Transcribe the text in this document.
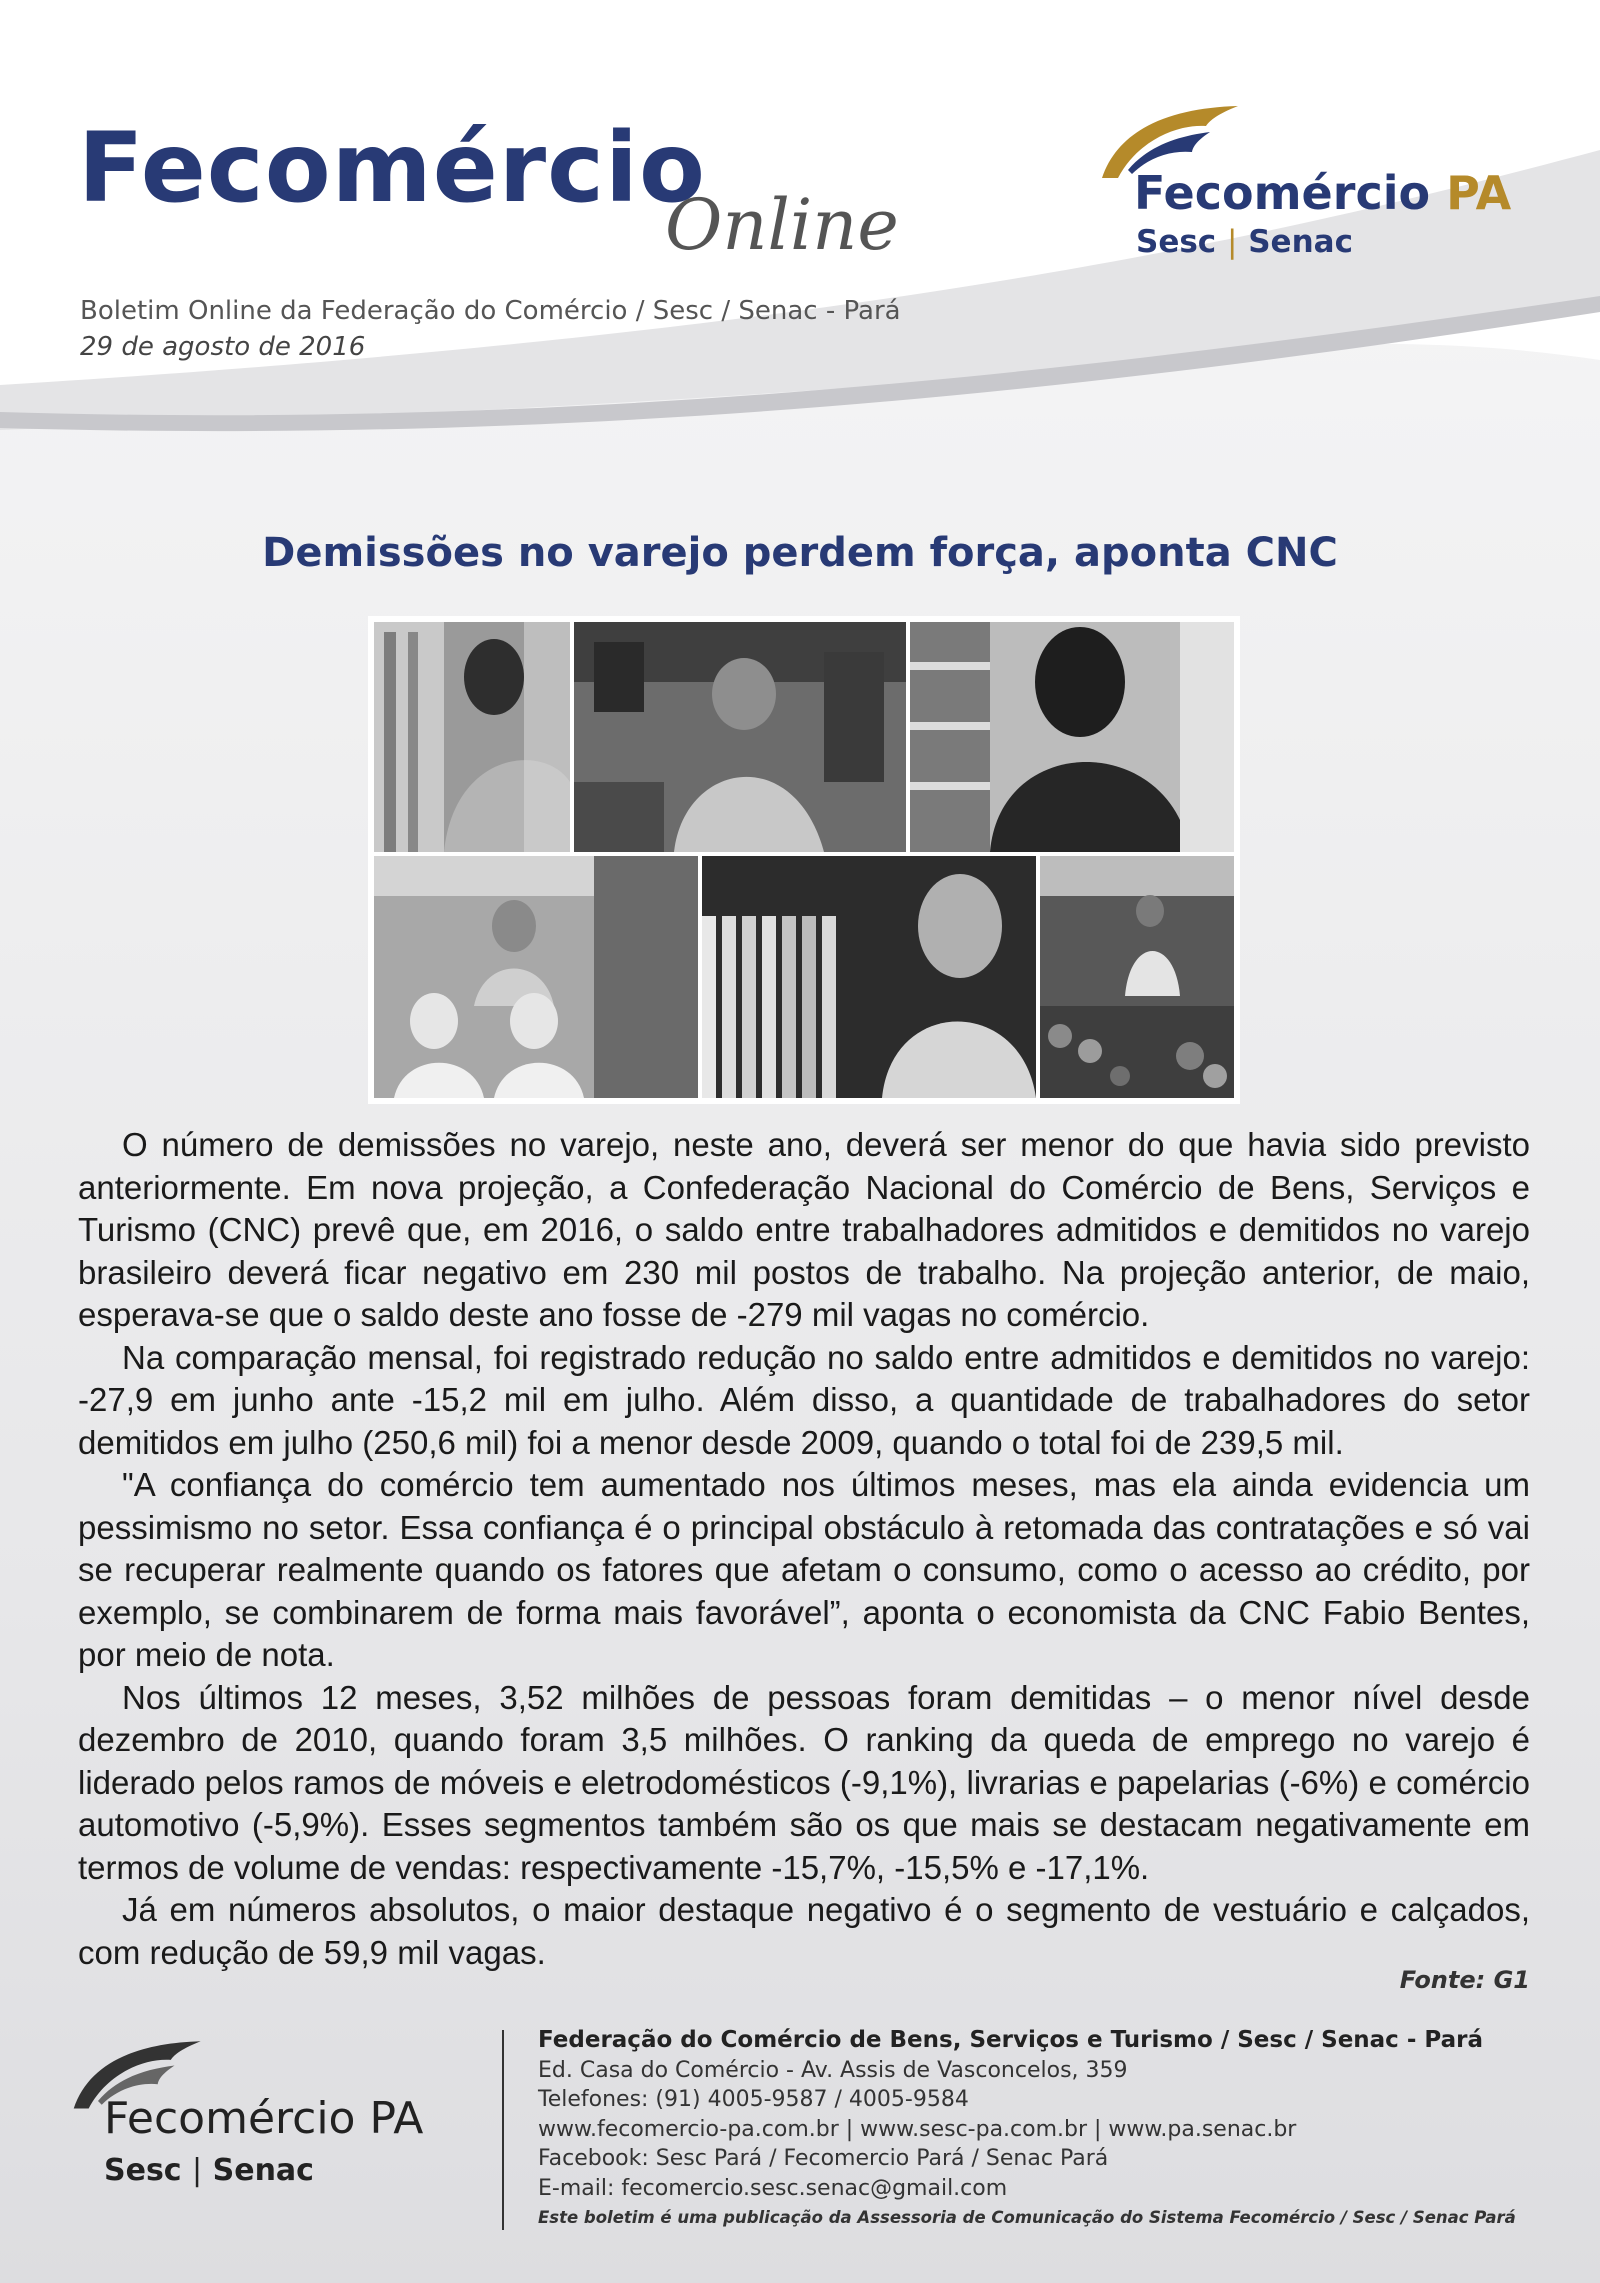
Fecomércio
Online
Boletim Online da Federação do Comércio / Sesc / Senac - Pará
29 de agosto de 2016
Fecomércio PA
Sesc | Senac
Demissões no varejo perdem força, aponta CNC

O número de demissões no varejo, neste ano, deverá ser menor do que havia sido previsto anteriormente. Em nova projeção, a Confederação Nacional do Comércio de Bens, Serviços e Turismo (CNC) prevê que, em 2016, o saldo entre trabalhadores admitidos e demitidos no varejo brasileiro deverá ficar negativo em 230 mil postos de trabalho. Na projeção anterior, de maio, esperava-se que o saldo deste ano fosse de -279 mil vagas no comércio.

Na comparação mensal, foi registrado redução no saldo entre admitidos e demitidos no varejo: -27,9 em junho ante -15,2 mil em julho. Além disso, a quantidade de trabalhadores do setor demitidos em julho (250,6 mil) foi a menor desde 2009, quando o total foi de 239,5 mil.

"A confiança do comércio tem aumentado nos últimos meses, mas ela ainda evidencia um pessimismo no setor. Essa confiança é o principal obstáculo à retomada das contratações e só vai se recuperar realmente quando os fatores que afetam o consumo, como o acesso ao crédito, por exemplo, se combinarem de forma mais favorável”, aponta o economista da CNC Fabio Bentes, por meio de nota.

Nos últimos 12 meses, 3,52 milhões de pessoas foram demitidas – o menor nível desde dezembro de 2010, quando foram 3,5 milhões. O ranking da queda de emprego no varejo é liderado pelos ramos de móveis e eletrodomésticos (-9,1%), livrarias e papelarias (-6%) e comércio automotivo (-5,9%). Esses segmentos também são os que mais se destacam negativamente em termos de volume de vendas: respectivamente -15,7%, -15,5% e -17,1%.

Já em números absolutos, o maior destaque negativo é o segmento de vestuário e calçados, com redução de 59,9 mil vagas.

Fonte: G1
Fecomércio PA
Sesc | Senac
Federação do Comércio de Bens, Serviços e Turismo / Sesc / Senac - Pará
Ed. Casa do Comércio - Av. Assis de Vasconcelos, 359
Telefones: (91) 4005-9587 / 4005-9584
www.fecomercio-pa.com.br | www.sesc-pa.com.br | www.pa.senac.br
Facebook: Sesc Pará / Fecomercio Pará / Senac Pará
E-mail: fecomercio.sesc.senac@gmail.com
Este boletim é uma publicação da Assessoria de Comunicação do Sistema Fecomércio / Sesc / Senac Pará
